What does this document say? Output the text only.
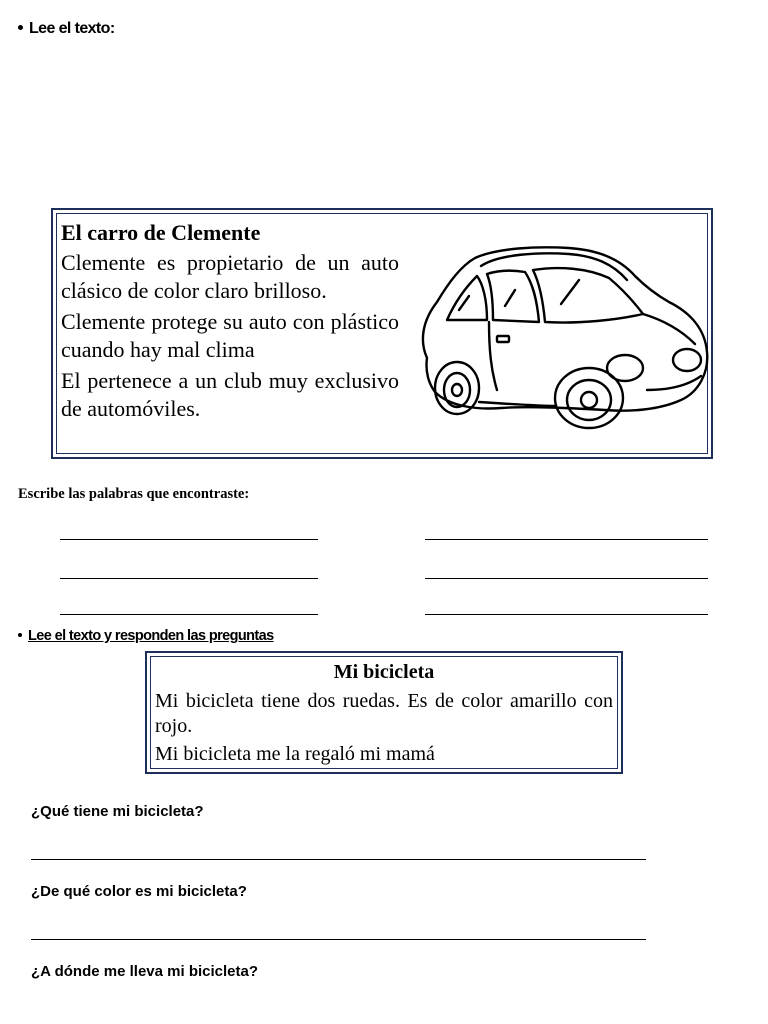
Lee el texto:
El carro de Clemente
Clemente es propietario de un auto clásico de color claro brilloso.
Clemente protege su auto con plástico cuando hay mal clima
El pertenece a un club muy exclusivo de automóviles.
Escribe las palabras que encontraste:
Lee el texto y responden las preguntas
Mi bicicleta
Mi bicicleta tiene dos ruedas. Es de color amarillo con rojo.
Mi bicicleta me la regaló mi mamá
¿Qué tiene mi bicicleta?
¿De qué color es mi bicicleta?
¿A dónde me lleva mi bicicleta?
